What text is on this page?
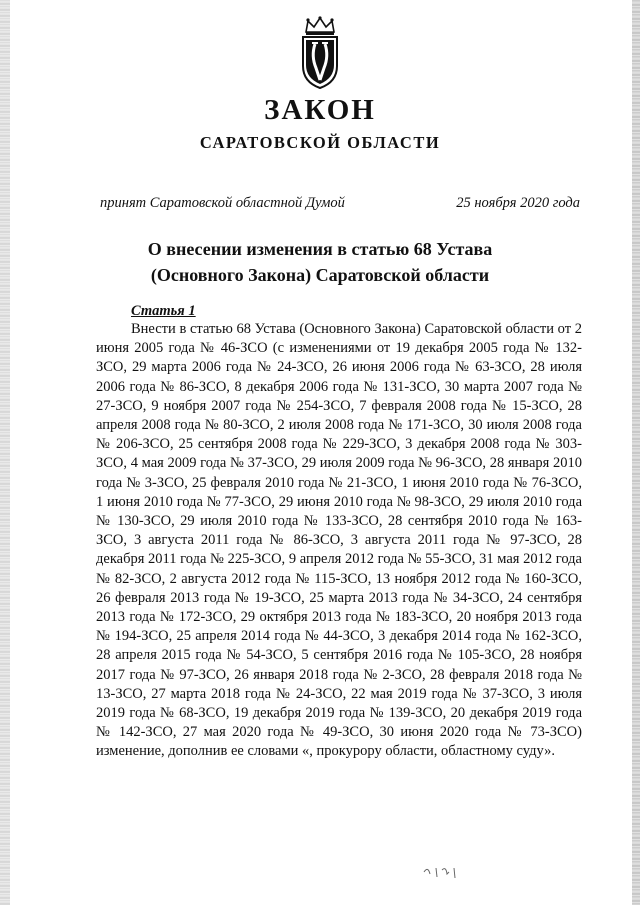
ЗАКОН
САРАТОВСКОЙ ОБЛАСТИ
принят Саратовской областной Думой	25 ноября 2020 года
О внесении изменения в статью 68 Устава
(Основного Закона) Саратовской области
Статья 1
Внести в статью 68 Устава (Основного Закона) Саратовской области от 2 июня 2005 года № 46-ЗСО (с изменениями от 19 декабря 2005 года № 132-ЗСО, 29 марта 2006 года № 24-ЗСО, 26 июня 2006 года № 63-ЗСО, 28 июля 2006 года № 86-ЗСО, 8 декабря 2006 года № 131-ЗСО, 30 марта 2007 года № 27-ЗСО, 9 ноября 2007 года № 254-ЗСО, 7 февраля 2008 года № 15-ЗСО, 28 апреля 2008 года № 80-ЗСО, 2 июля 2008 года № 171-ЗСО, 30 июля 2008 года № 206-ЗСО, 25 сентября 2008 года № 229-ЗСО, 3 декабря 2008 года № 303-ЗСО, 4 мая 2009 года № 37-ЗСО, 29 июля 2009 года № 96-ЗСО, 28 января 2010 года № 3-ЗСО, 25 февраля 2010 года № 21-ЗСО, 1 июня 2010 года № 76-ЗСО, 1 июня 2010 года № 77-ЗСО, 29 июня 2010 года № 98-ЗСО, 29 июля 2010 года № 130-ЗСО, 29 июля 2010 года № 133-ЗСО, 28 сентября 2010 года № 163-ЗСО, 3 августа 2011 года № 86-ЗСО, 3 августа 2011 года № 97-ЗСО, 28 декабря 2011 года № 225-ЗСО, 9 апреля 2012 года № 55-ЗСО, 31 мая 2012 года № 82-ЗСО, 2 августа 2012 года № 115-ЗСО, 13 ноября 2012 года № 160-ЗСО, 26 февраля 2013 года № 19-ЗСО, 25 марта 2013 года № 34-ЗСО, 24 сентября 2013 года № 172-ЗСО, 29 октября 2013 года № 183-ЗСО, 20 ноября 2013 года № 194-ЗСО, 25 апреля 2014 года № 44-ЗСО, 3 декабря 2014 года № 162-ЗСО, 28 апреля 2015 года № 54-ЗСО, 5 сентября 2016 года № 105-ЗСО, 28 ноября 2017 года № 97-ЗСО, 26 января 2018 года № 2-ЗСО, 28 февраля 2018 года № 13-ЗСО, 27 марта 2018 года № 24-ЗСО, 22 мая 2019 года № 37-ЗСО, 3 июля 2019 года № 68-ЗСО, 19 декабря 2019 года № 139-ЗСО, 20 декабря 2019 года № 142-ЗСО, 27 мая 2020 года № 49-ЗСО, 30 июня 2020 года № 73-ЗСО) изменение, дополнив ее словами «, прокурору области, областному суду».
